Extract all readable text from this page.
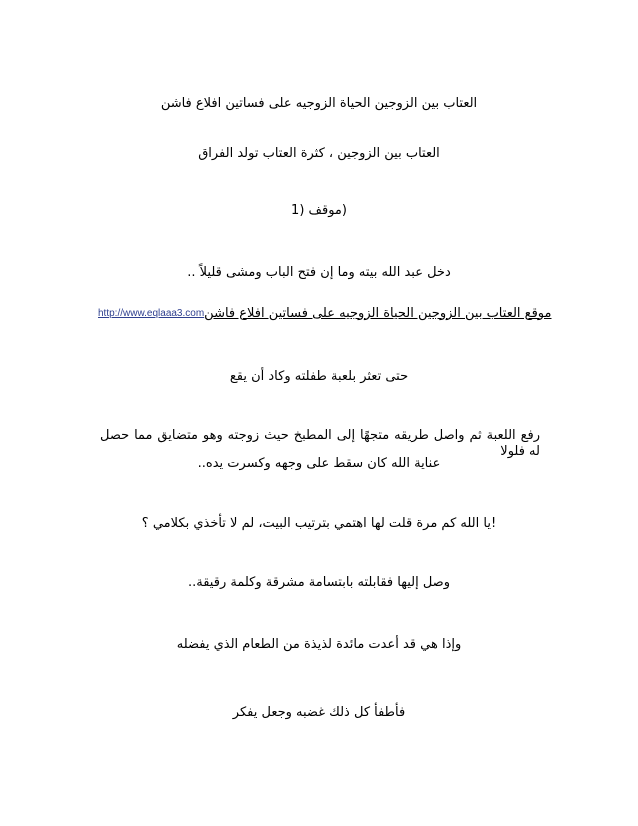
العتاب بين الزوجين الحياة الزوجيه على فساتين افلاع فاشن
العتاب بين الزوجين ، كثرة العتاب تولد الفراق
(موقف (1
دخل عبد الله بيته وما إن فتح الباب ومشى قليلاً ..
http://www.eqlaaa3.com موقع العتاب بين الزوجين الحياة الزوجيه على فساتين افلاع فاشن
حتى تعثر بلعبة طفلته وكاد أن يقع
رفع اللعبة ثم واصل طريقه متجهًا إلى المطبخ حيث زوجته وهو متضايق مما حصل له فلولا
عناية الله كان سقط على وجهه وكسرت يده..
!يا الله كم مرة قلت لها اهتمي بترتيب البيت، لم لا تأخذي بكلامي ؟
وصل إليها فقابلته بابتسامة مشرقة وكلمة رقيقة..
وإذا هي قد أعدت مائدة لذيذة من الطعام الذي يفضله
فأطفأ كل ذلك غضبه وجعل يفكر
